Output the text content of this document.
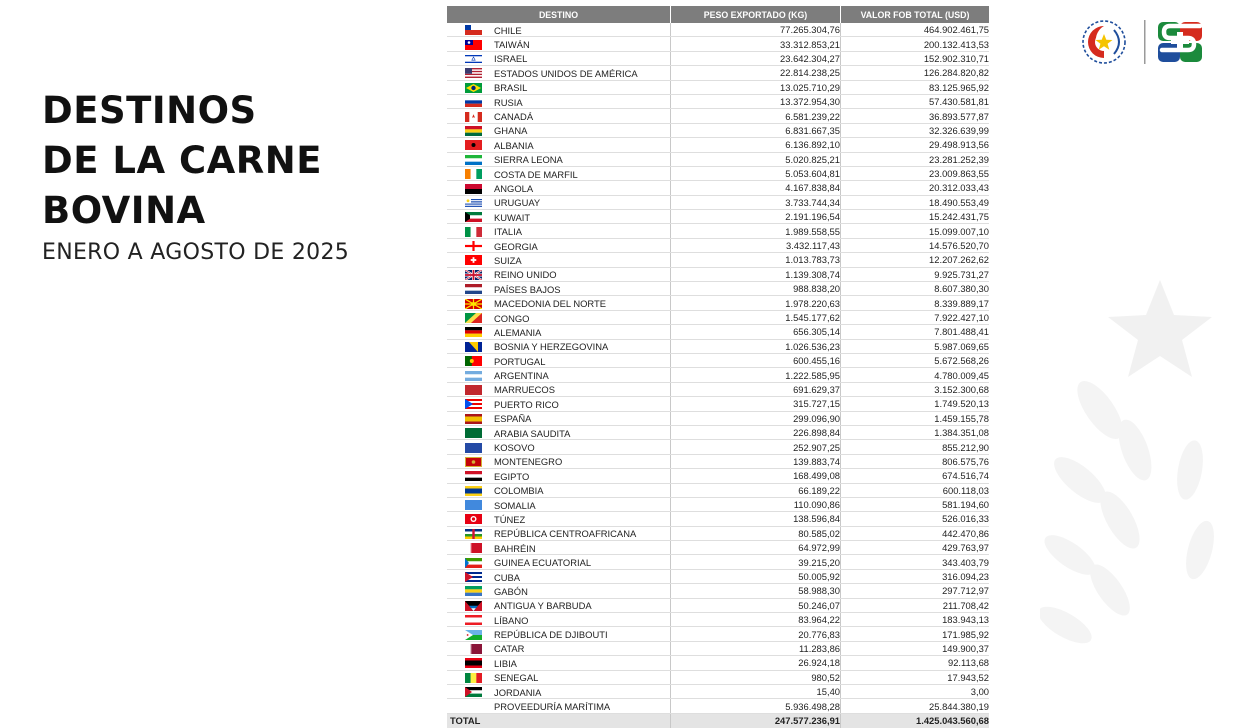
DESTINOS
DE LA CARNE
BOVINA
ENERO A AGOSTO DE 2025
DESTINO	PESO EXPORTADO (KG)	VALOR FOB TOTAL (USD)

CHILE	77.265.304,76	464.902.461,75

TAIWÁN	33.312.853,21	200.132.413,53

ISRAEL	23.642.304,27	152.902.310,71

ESTADOS UNIDOS DE AMÉRICA	22.814.238,25	126.284.820,82

BRASIL	13.025.710,29	83.125.965,92

RUSIA	13.372.954,30	57.430.581,81

CANADÁ	6.581.239,22	36.893.577,87

GHANA	6.831.667,35	32.326.639,99

ALBANIA	6.136.892,10	29.498.913,56

SIERRA LEONA	5.020.825,21	23.281.252,39

COSTA DE MARFIL	5.053.604,81	23.009.863,55

ANGOLA	4.167.838,84	20.312.033,43

URUGUAY	3.733.744,34	18.490.553,49

KUWAIT	2.191.196,54	15.242.431,75

ITALIA	1.989.558,55	15.099.007,10

GEORGIA	3.432.117,43	14.576.520,70

SUIZA	1.013.783,73	12.207.262,62

REINO UNIDO	1.139.308,74	9.925.731,27

PAÍSES BAJOS	988.838,20	8.607.380,30

MACEDONIA DEL NORTE	1.978.220,63	8.339.889,17

CONGO	1.545.177,62	7.922.427,10

ALEMANIA	656.305,14	7.801.488,41

BOSNIA Y HERZEGOVINA	1.026.536,23	5.987.069,65

PORTUGAL	600.455,16	5.672.568,26

ARGENTINA	1.222.585,95	4.780.009,45

MARRUECOS	691.629,37	3.152.300,68

PUERTO RICO	315.727,15	1.749.520,13

ESPAÑA	299.096,90	1.459.155,78

ARABIA SAUDITA	226.898,84	1.384.351,08

KOSOVO	252.907,25	855.212,90

MONTENEGRO	139.883,74	806.575,76

EGIPTO	168.499,08	674.516,74

COLOMBIA	66.189,22	600.118,03

SOMALIA	110.090,86	581.194,60

TÚNEZ	138.596,84	526.016,33

REPÚBLICA CENTROAFRICANA	80.585,02	442.470,86

BAHRÉIN	64.972,99	429.763,97

GUINEA ECUATORIAL	39.215,20	343.403,79

CUBA	50.005,92	316.094,23

GABÓN	58.988,30	297.712,97

ANTIGUA Y BARBUDA	50.246,07	211.708,42

LÍBANO	83.964,22	183.943,13

REPÚBLICA DE DJIBOUTI	20.776,83	171.985,92

CATAR	11.283,86	149.900,37

LIBIA	26.924,18	92.113,68

SENEGAL	980,52	17.943,52

JORDANIA	15,40	3,00
PROVEEDURÍA MARÍTIMA	5.936.498,28	25.844.380,19
TOTAL	247.577.236,91	1.425.043.560,68
